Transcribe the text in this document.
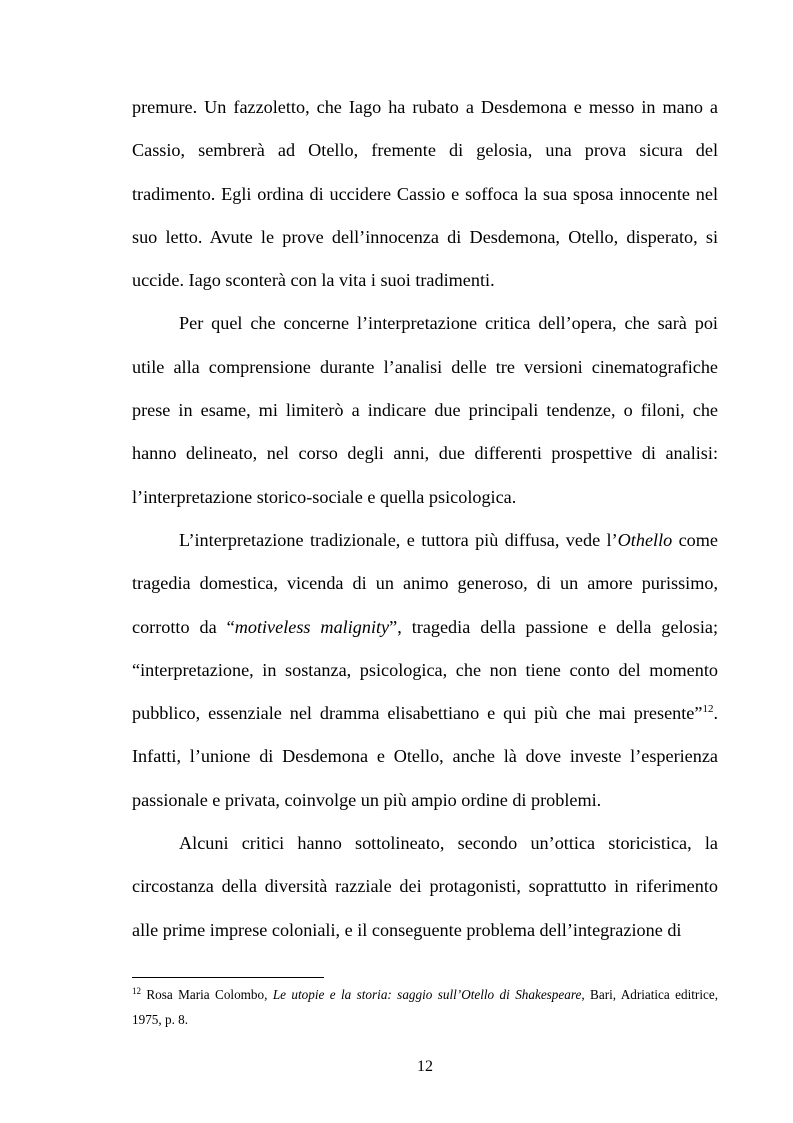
premure. Un fazzoletto, che Iago ha rubato a Desdemona e messo in mano a Cassio, sembrerà ad Otello, fremente di gelosia, una prova sicura del tradimento. Egli ordina di uccidere Cassio e soffoca la sua sposa innocente nel suo letto. Avute le prove dell’innocenza di Desdemona, Otello, disperato, si uccide. Iago sconterà con la vita i suoi tradimenti.

Per quel che concerne l’interpretazione critica dell’opera, che sarà poi utile alla comprensione durante l’analisi delle tre versioni cinematografiche prese in esame, mi limiterò a indicare due principali tendenze, o filoni, che hanno delineato, nel corso degli anni, due differenti prospettive di analisi: l’interpretazione storico-sociale e quella psicologica.

L’interpretazione tradizionale, e tuttora più diffusa, vede l’Othello come tragedia domestica, vicenda di un animo generoso, di un amore purissimo, corrotto da “motiveless malignity”, tragedia della passione e della gelosia; “interpretazione, in sostanza, psicologica, che non tiene conto del momento pubblico, essenziale nel dramma elisabettiano e qui più che mai presente”$^{12}$. Infatti, l’unione di Desdemona e Otello, anche là dove investe l’esperienza passionale e privata, coinvolge un più ampio ordine di problemi.

Alcuni critici hanno sottolineato, secondo un’ottica storicistica, la circostanza della diversità razziale dei protagonisti, soprattutto in riferimento alle prime imprese coloniali, e il conseguente problema dell’integrazione di

$^{12}$ Rosa Maria Colombo, Le utopie e la storia: saggio sull’Otello di Shakespeare, Bari, Adriatica editrice, 1975, p. 8.
12
